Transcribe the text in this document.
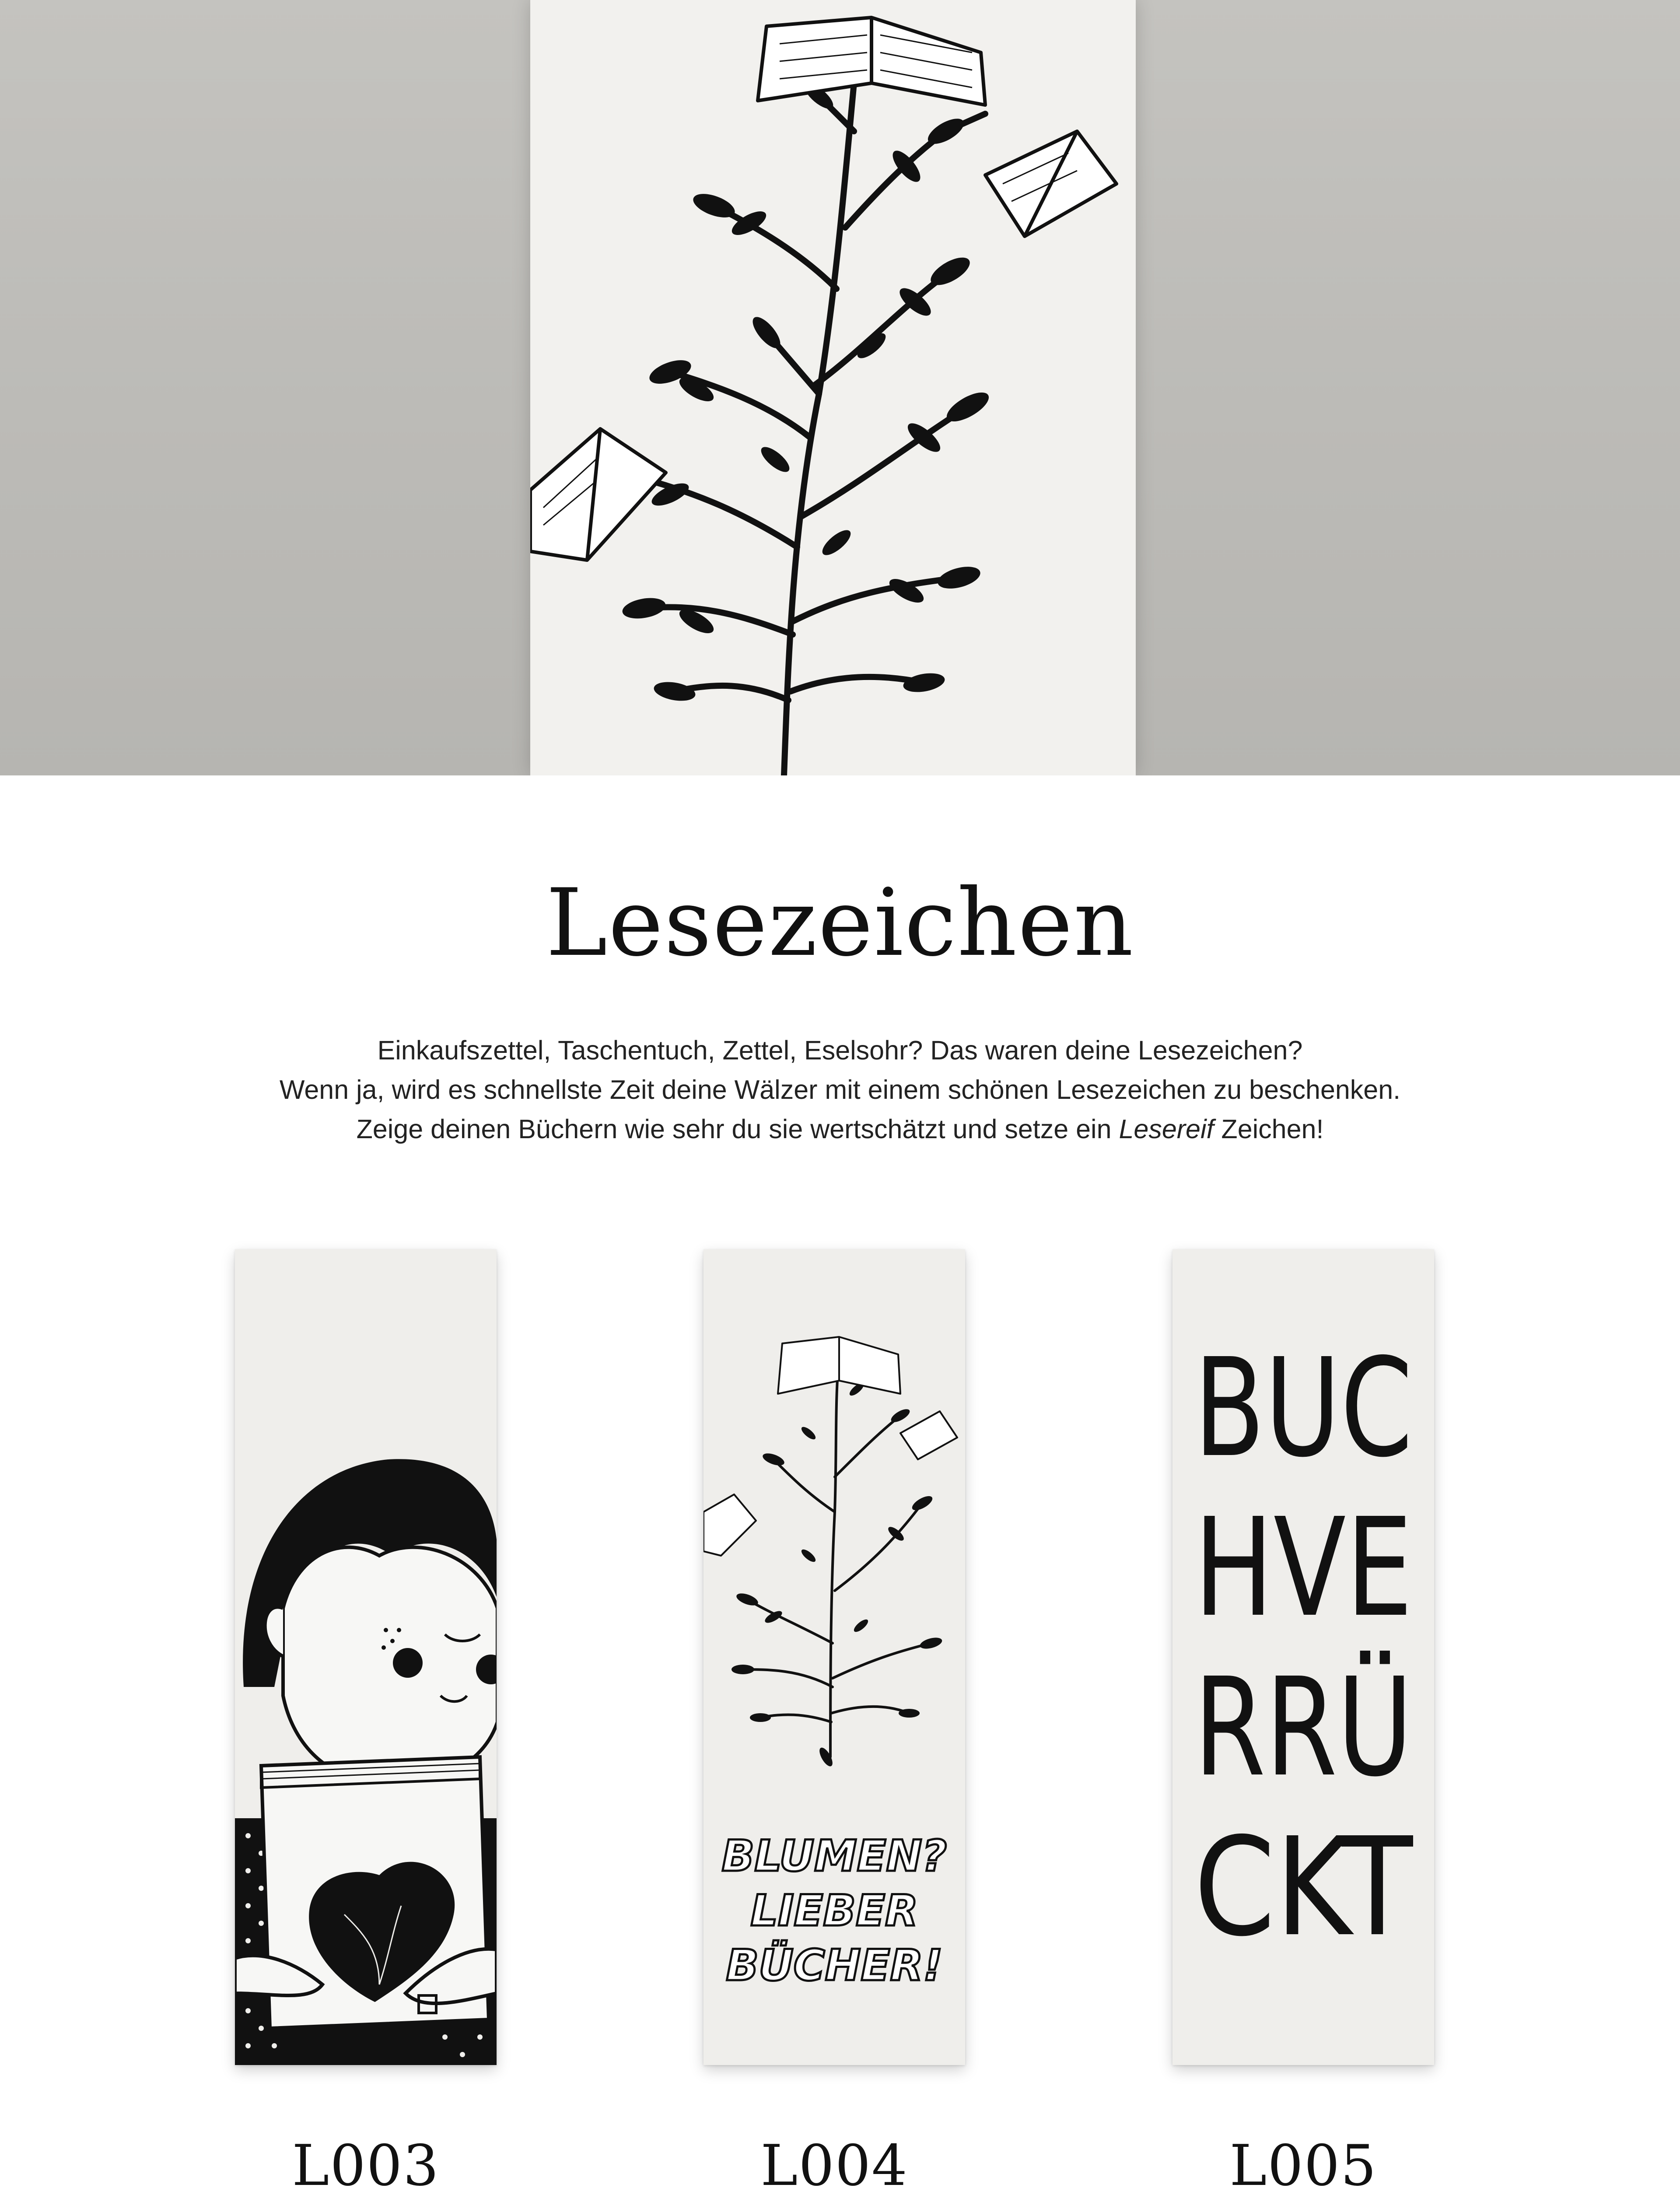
Lesezeichen

Einkaufszettel, Taschentuch, Zettel, Eselsohr? Das waren deine Lesezeichen?

Wenn ja, wird es schnellste Zeit deine Wälzer mit einem schönen Lesezeichen zu beschenken.

Zeige deinen Büchern wie sehr du sie wertschätzt und setze ein Lesereif Zeichen!

BLUMEN?
LIEBER
BÜCHER!
BUC
HVE
RRÜ
CKT
L003	L004	L005
